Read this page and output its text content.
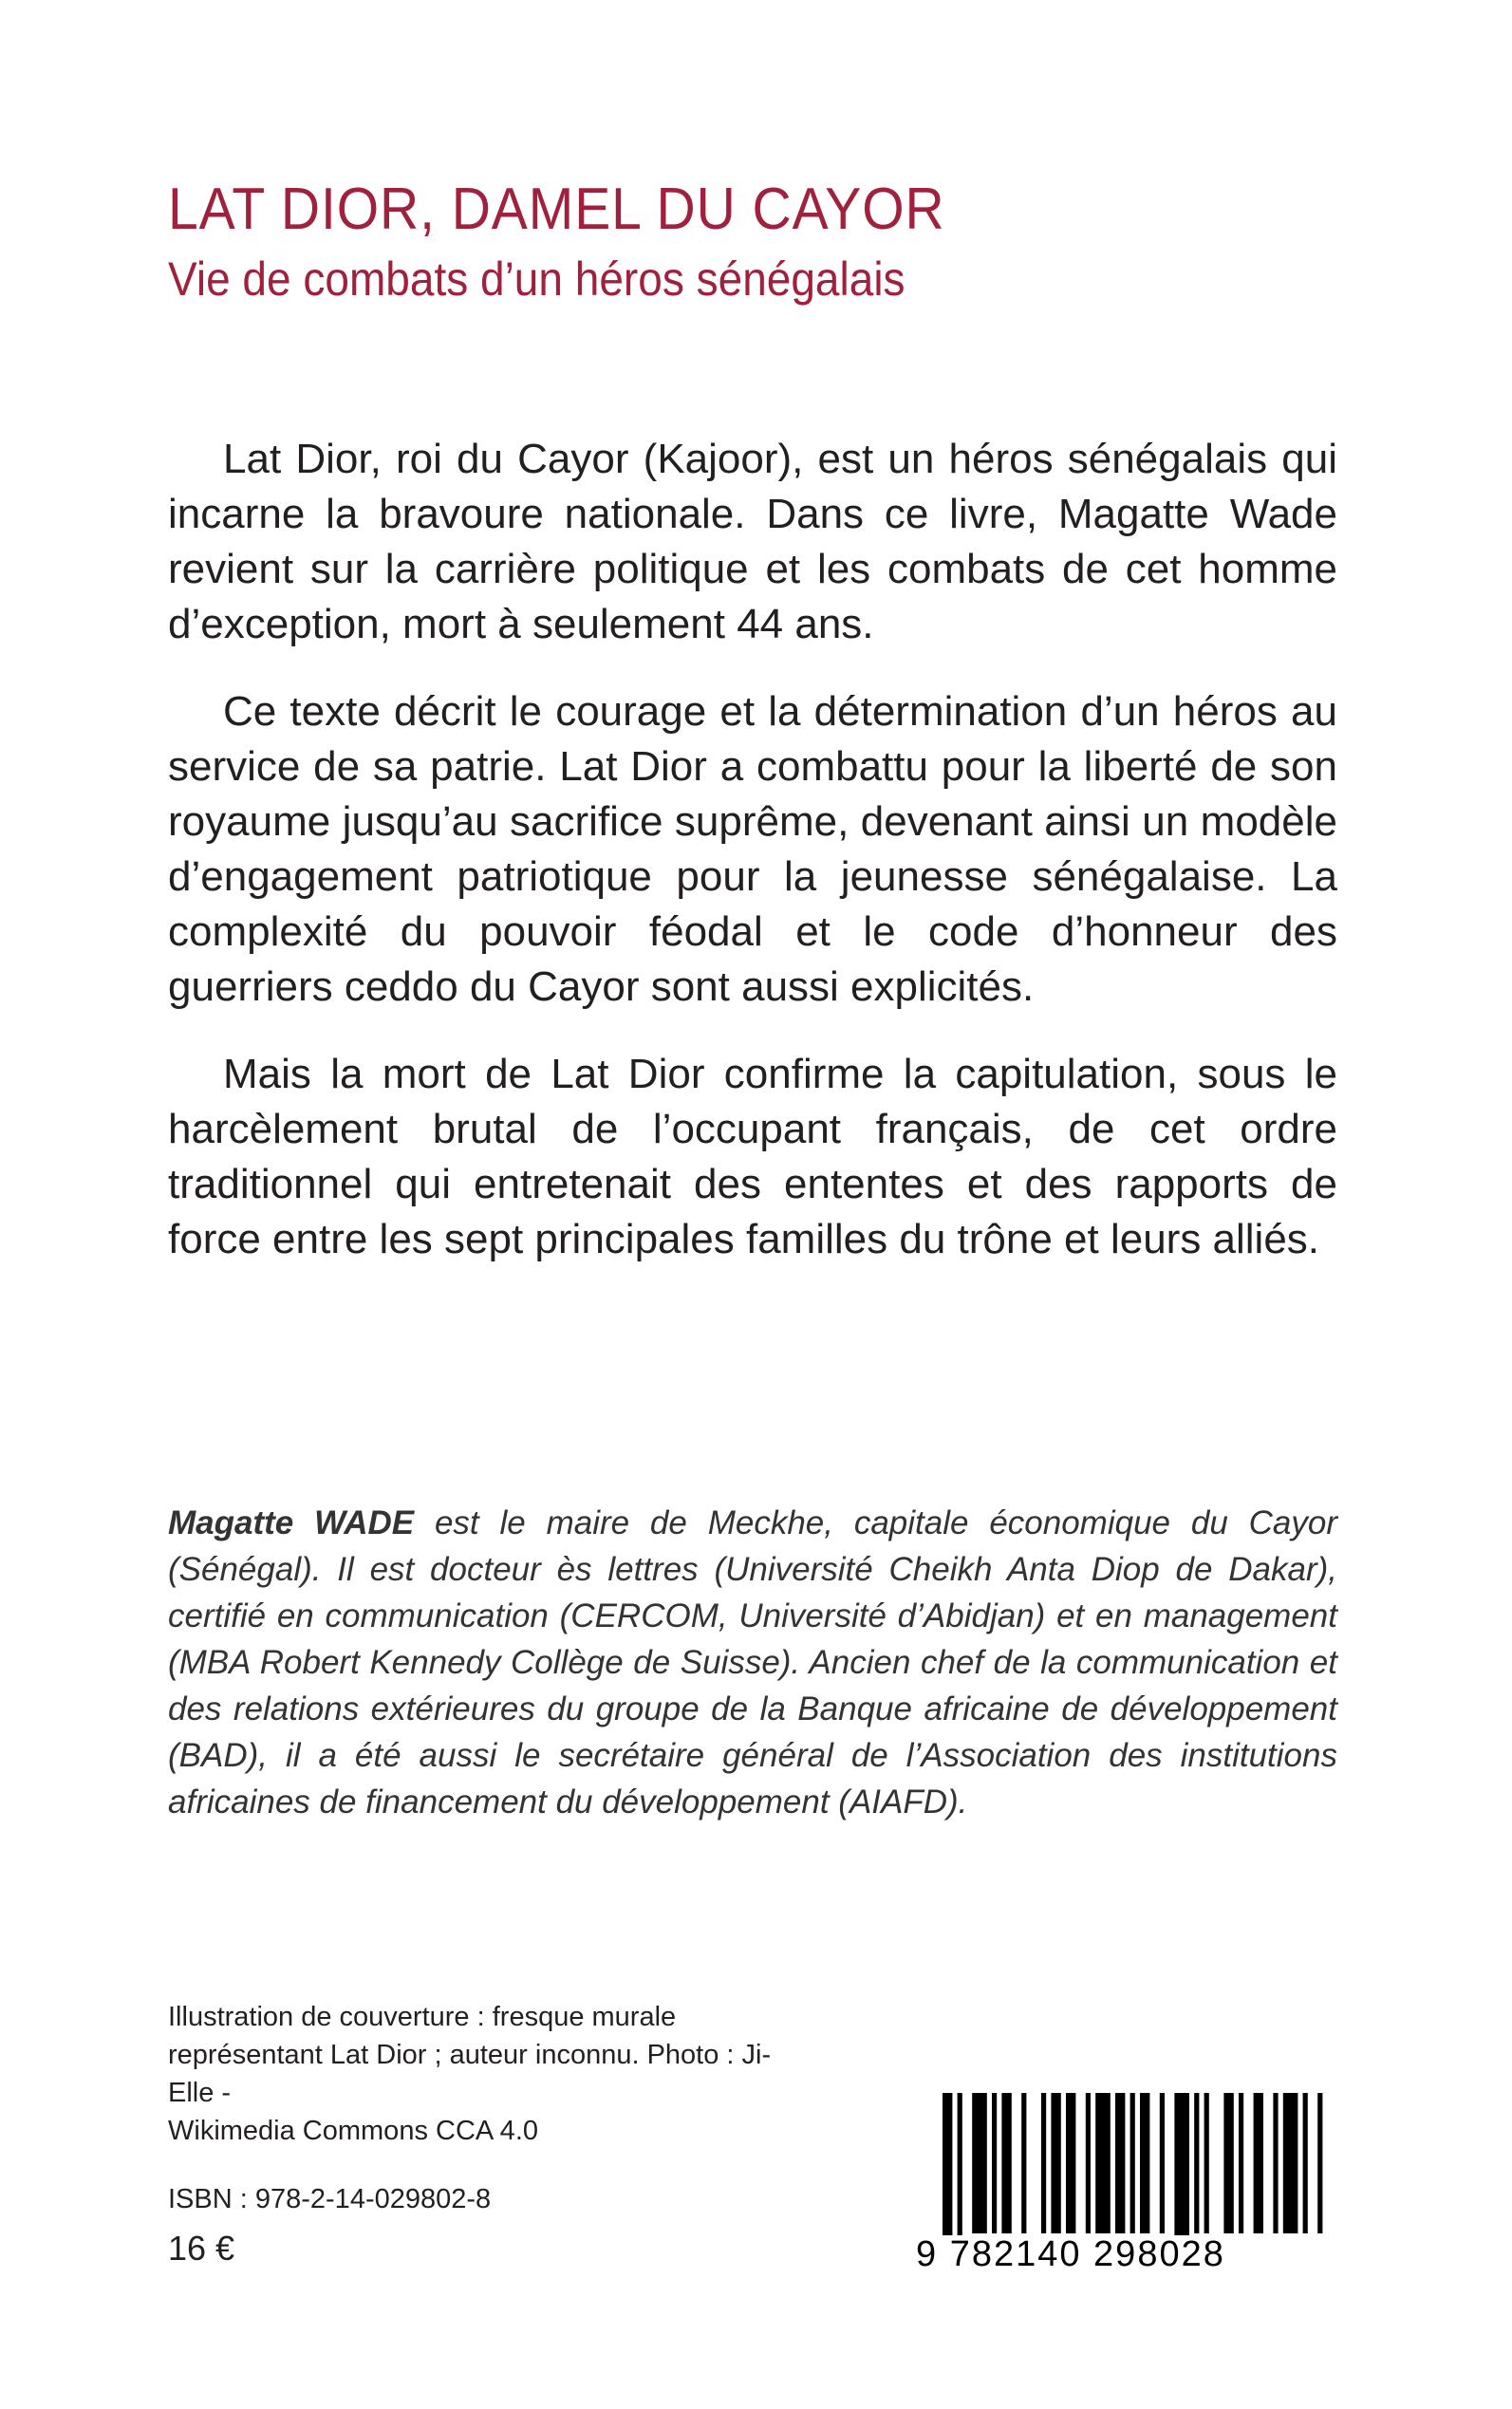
LAT DIOR, DAMEL DU CAYOR
Vie de combats d’un héros sénégalais

Lat Dior, roi du Cayor (Kajoor), est un héros sénégalais qui incarne la bravoure nationale. Dans ce livre, Magatte Wade revient sur la carrière politique et les combats de cet homme d’exception, mort à seulement 44 ans.

Ce texte décrit le courage et la détermination d’un héros au service de sa patrie. Lat Dior a combattu pour la liberté de son royaume jusqu’au sacrifice suprême, devenant ainsi un modèle d’engagement patriotique pour la jeunesse sénégalaise. La complexité du pouvoir féodal et le code d’honneur des guerriers ceddo du Cayor sont aussi explicités.

Mais la mort de Lat Dior confirme la capitulation, sous le harcèlement brutal de l’occupant français, de cet ordre traditionnel qui entretenait des ententes et des rapports de force entre les sept principales familles du trône et leurs alliés.

Magatte WADE est le maire de Meckhe, capitale économique du Cayor (Sénégal). Il est docteur ès lettres (Université Cheikh Anta Diop de Dakar), certifié en communication (CERCOM, Université d’Abidjan) et en management (MBA Robert Kennedy Collège de Suisse). Ancien chef de la communication et des relations extérieures du groupe de la Banque africaine de développement (BAD), il a été aussi le secrétaire général de l’Association des institutions africaines de financement du développement (AIAFD).
Illustration de couverture : fresque murale
représentant Lat Dior ; auteur inconnu. Photo : Ji-Elle -
Wikimedia Commons CCA 4.0
ISBN : 978-2-14-029802-8
16 €	9 782140 298028
